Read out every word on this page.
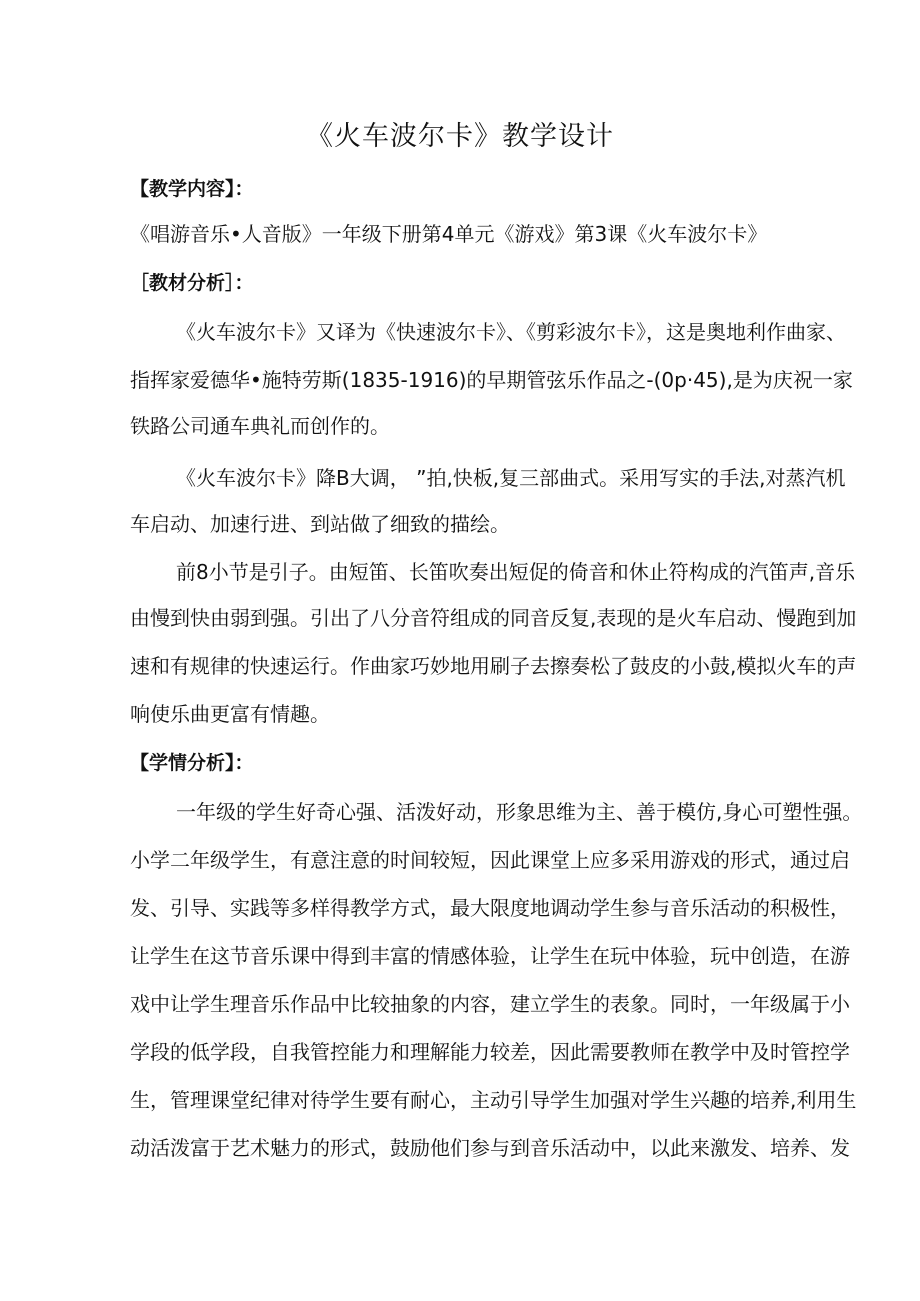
《火车波尔卡》教学设计
【教学内容】：
《唱游音乐•人音版》一年级下册第4单元《游戏》第3课《火车波尔卡》
［教材分析］：
《火车波尔卡》又译为《快速波尔卡》、《剪彩波尔卡》，这是奥地利作曲家、
指挥家爱德华•施特劳斯(1835-1916)的早期管弦乐作品之-(0p·45),是为庆祝一家
铁路公司通车典礼而创作的。
《火车波尔卡》降B大调， ”拍,快板,复三部曲式。采用写实的手法,对蒸汽机
车启动、加速行进、到站做了细致的描绘。
前8小节是引子。由短笛、长笛吹奏出短促的倚音和休止符构成的汽笛声,音乐
由慢到快由弱到强。引出了八分音符组成的同音反复,表现的是火车启动、慢跑到加
速和有规律的快速运行。作曲家巧妙地用刷子去擦奏松了鼓皮的小鼓,模拟火车的声
响使乐曲更富有情趣。
【学情分析】：
一年级的学生好奇心强、活泼好动，形象思维为主、善于模仿,身心可塑性强。
小学二年级学生，有意注意的时间较短，因此课堂上应多采用游戏的形式，通过启
发、引导、实践等多样得教学方式，最大限度地调动学生参与音乐活动的积极性，
让学生在这节音乐课中得到丰富的情感体验，让学生在玩中体验，玩中创造，在游
戏中让学生理音乐作品中比较抽象的内容，建立学生的表象。同时，一年级属于小
学段的低学段，自我管控能力和理解能力较差，因此需要教师在教学中及时管控学
生，管理课堂纪律对待学生要有耐心，主动引导学生加强对学生兴趣的培养,利用生
动活泼富于艺术魅力的形式，鼓励他们参与到音乐活动中，以此来激发、培养、发
